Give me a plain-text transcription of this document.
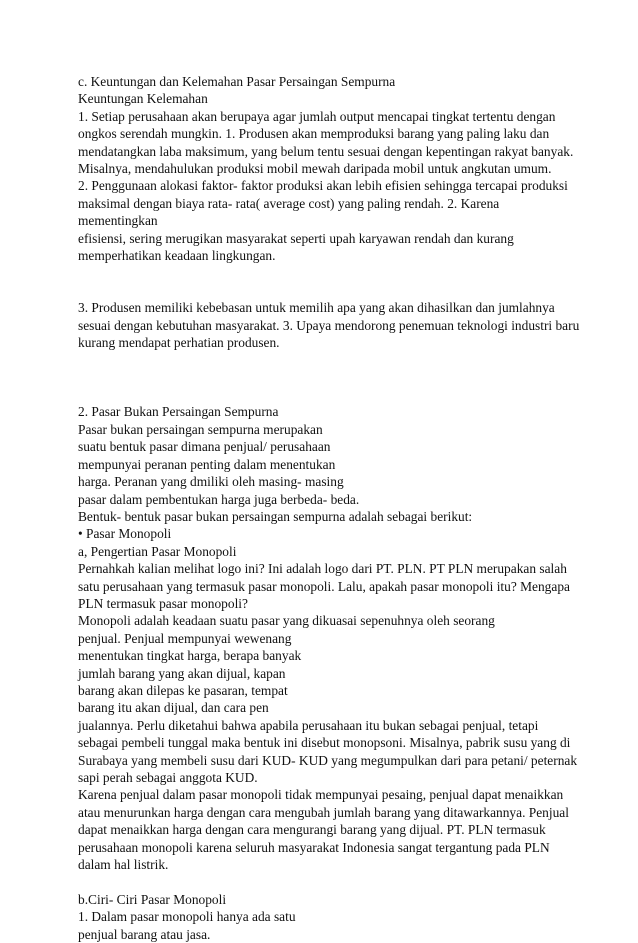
c. Keuntungan dan Kelemahan Pasar Persaingan Sempurna
Keuntungan Kelemahan
1. Setiap perusahaan akan berupaya agar jumlah output mencapai tingkat tertentu dengan
ongkos serendah mungkin. 1. Produsen akan memproduksi barang yang paling laku dan
mendatangkan laba maksimum, yang belum tentu sesuai dengan kepentingan rakyat banyak.
Misalnya, mendahulukan produksi mobil mewah daripada mobil untuk angkutan umum.
2. Penggunaan alokasi faktor- faktor produksi akan lebih efisien sehingga tercapai produksi
maksimal dengan biaya rata- rata( average cost) yang paling rendah. 2. Karena
mementingkan
efisiensi, sering merugikan masyarakat seperti upah karyawan rendah dan kurang
memperhatikan keadaan lingkungan.
3. Produsen memiliki kebebasan untuk memilih apa yang akan dihasilkan dan jumlahnya
sesuai dengan kebutuhan masyarakat. 3. Upaya mendorong penemuan teknologi industri baru
kurang mendapat perhatian produsen.
2. Pasar Bukan Persaingan Sempurna
Pasar bukan persaingan sempurna merupakan
suatu bentuk pasar dimana penjual/ perusahaan
mempunyai peranan penting dalam menentukan
harga. Peranan yang dmiliki oleh masing- masing
pasar dalam pembentukan harga juga berbeda- beda.
Bentuk- bentuk pasar bukan persaingan sempurna adalah sebagai berikut:
• Pasar Monopoli
a, Pengertian Pasar Monopoli
Pernahkah kalian melihat logo ini? Ini adalah logo dari PT. PLN. PT PLN merupakan salah
satu perusahaan yang termasuk pasar monopoli. Lalu, apakah pasar monopoli itu? Mengapa
PLN termasuk pasar monopoli?
Monopoli adalah keadaan suatu pasar yang dikuasai sepenuhnya oleh seorang
penjual. Penjual mempunyai wewenang
menentukan tingkat harga, berapa banyak
jumlah barang yang akan dijual, kapan
barang akan dilepas ke pasaran, tempat
barang itu akan dijual, dan cara pen
jualannya. Perlu diketahui bahwa apabila perusahaan itu bukan sebagai penjual, tetapi
sebagai pembeli tunggal maka bentuk ini disebut monopsoni. Misalnya, pabrik susu yang di
Surabaya yang membeli susu dari KUD- KUD yang megumpulkan dari para petani/ peternak
sapi perah sebagai anggota KUD.
Karena penjual dalam pasar monopoli tidak mempunyai pesaing, penjual dapat menaikkan
atau menurunkan harga dengan cara mengubah jumlah barang yang ditawarkannya. Penjual
dapat menaikkan harga dengan cara mengurangi barang yang dijual. PT. PLN termasuk
perusahaan monopoli karena seluruh masyarakat Indonesia sangat tergantung pada PLN
dalam hal listrik.
b.Ciri- Ciri Pasar Monopoli
1. Dalam pasar monopoli hanya ada satu
penjual barang atau jasa.
